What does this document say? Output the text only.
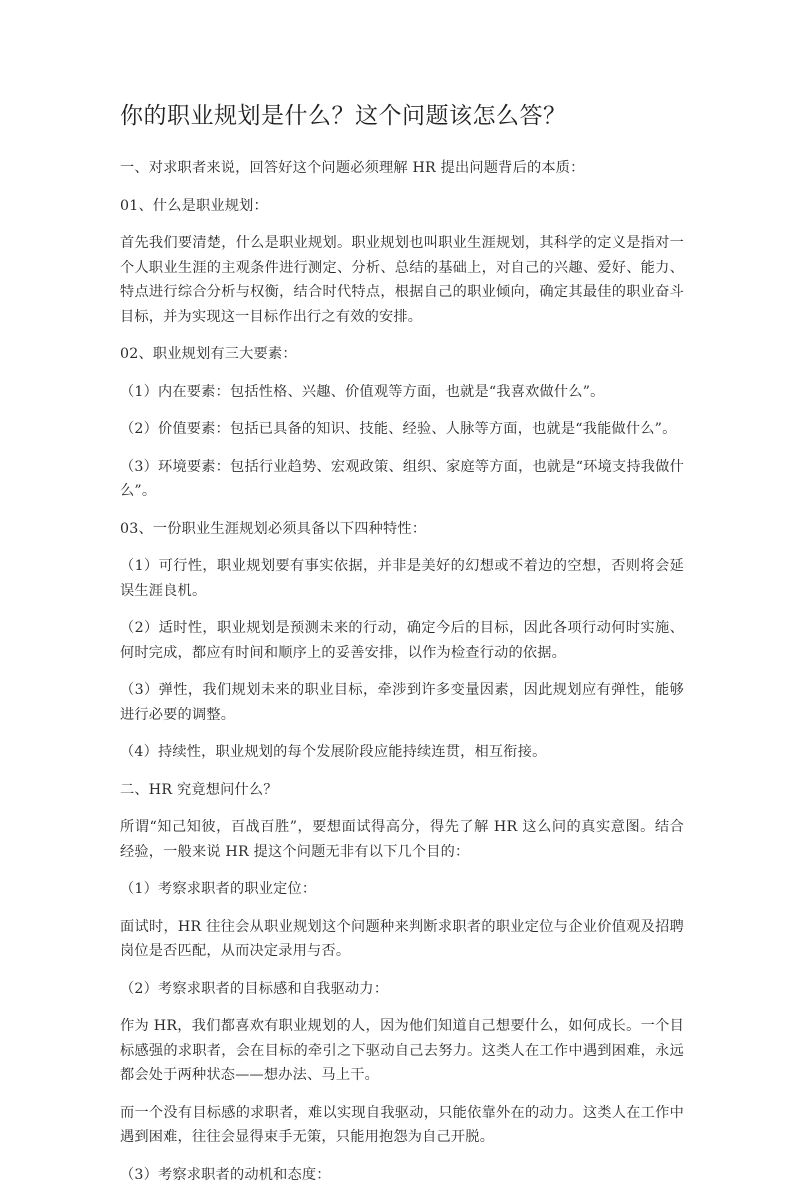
你的职业规划是什么？这个问题该怎么答？

一、对求职者来说，回答好这个问题必须理解 HR 提出问题背后的本质：

01、什么是职业规划：

首先我们要清楚，什么是职业规划。职业规划也叫职业生涯规划，其科学的定义是指对一个人职业生涯的主观条件进行测定、分析、总结的基础上，对自己的兴趣、爱好、能力、特点进行综合分析与权衡，结合时代特点，根据自己的职业倾向，确定其最佳的职业奋斗目标，并为实现这一目标作出行之有效的安排。

02、职业规划有三大要素：

（1）内在要素：包括性格、兴趣、价值观等方面，也就是“我喜欢做什么”。

（2）价值要素：包括已具备的知识、技能、经验、人脉等方面，也就是“我能做什么”。

（3）环境要素：包括行业趋势、宏观政策、组织、家庭等方面，也就是“环境支持我做什么”。

03、一份职业生涯规划必须具备以下四种特性：

（1）可行性，职业规划要有事实依据，并非是美好的幻想或不着边的空想，否则将会延误生涯良机。

（2）适时性，职业规划是预测未来的行动，确定今后的目标，因此各项行动何时实施、何时完成，都应有时间和顺序上的妥善安排，以作为检查行动的依据。

（3）弹性，我们规划未来的职业目标，牵涉到许多变量因素，因此规划应有弹性，能够进行必要的调整。

（4）持续性，职业规划的每个发展阶段应能持续连贯，相互衔接。

二、HR 究竟想问什么？

所谓“知己知彼，百战百胜”，要想面试得高分，得先了解 HR 这么问的真实意图。结合经验，一般来说 HR 提这个问题无非有以下几个目的：

（1）考察求职者的职业定位：

面试时，HR 往往会从职业规划这个问题种来判断求职者的职业定位与企业价值观及招聘岗位是否匹配，从而决定录用与否。

（2）考察求职者的目标感和自我驱动力：

作为 HR，我们都喜欢有职业规划的人，因为他们知道自己想要什么，如何成长。一个目标感强的求职者，会在目标的牵引之下驱动自己去努力。这类人在工作中遇到困难，永远都会处于两种状态——想办法、马上干。

而一个没有目标感的求职者，难以实现自我驱动，只能依靠外在的动力。这类人在工作中遇到困难，往往会显得束手无策，只能用抱怨为自己开脱。

（3）考察求职者的动机和态度：
